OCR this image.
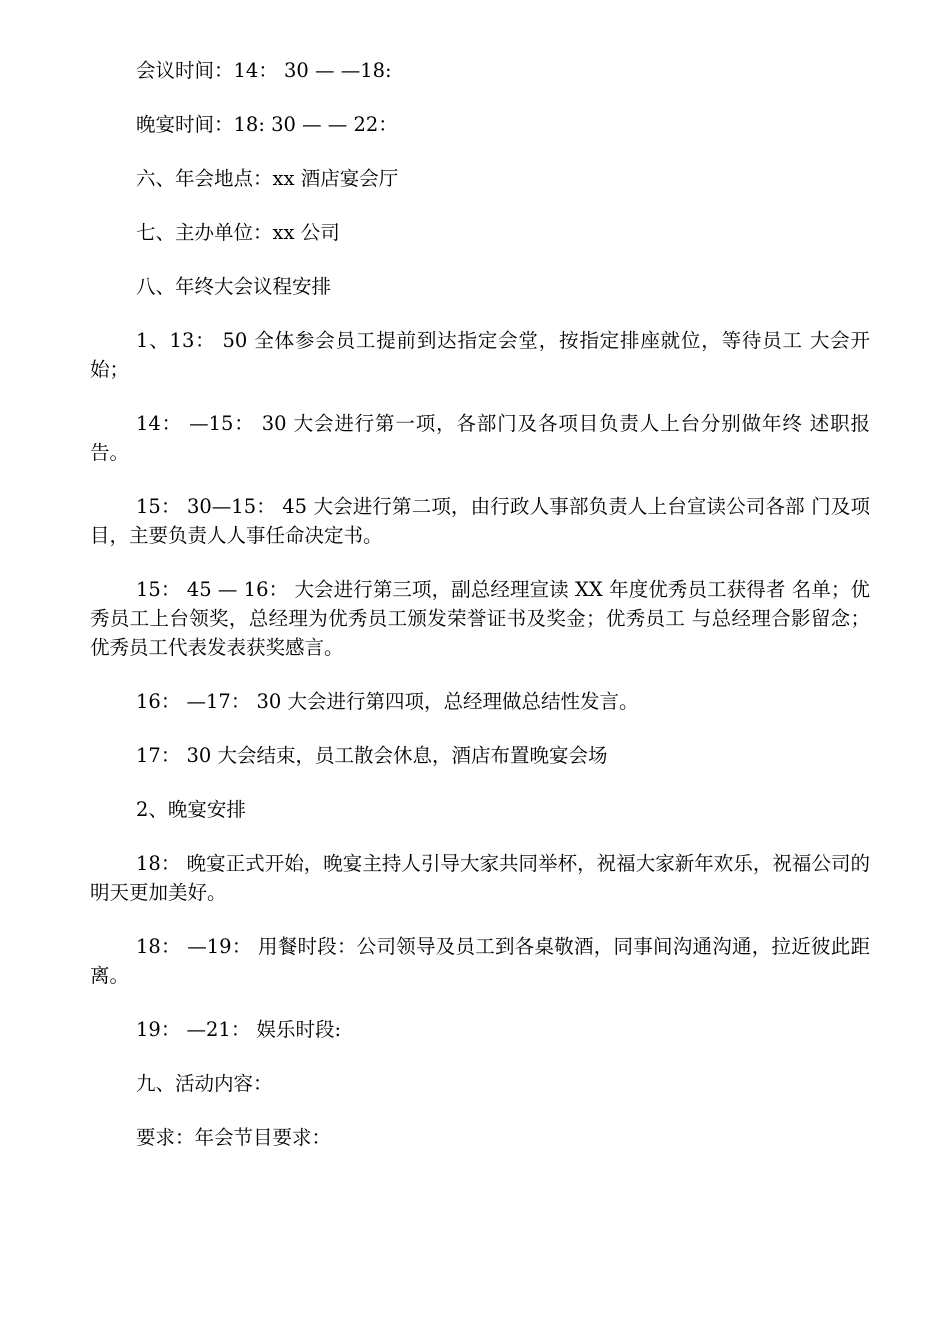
会议时间：14： 30 — —18:

晚宴时间：18: 30 — — 22：

六、年会地点：xx 酒店宴会厅

七、主办单位：xx 公司

八、年终大会议程安排

1、13： 50 全体参会员工提前到达指定会堂，按指定排座就位，等待员工 大会开始；

14： —15： 30 大会进行第一项，各部门及各项目负责人上台分别做年终 述职报告。

15： 30—15： 45 大会进行第二项，由行政人事部负责人上台宣读公司各部 门及项目，主要负责人人事任命决定书。

15： 45 — 16： 大会进行第三项，副总经理宣读 XX 年度优秀员工获得者 名单；优秀员工上台领奖，总经理为优秀员工颁发荣誉证书及奖金；优秀员工 与总经理合影留念；优秀员工代表发表获奖感言。

16： —17： 30 大会进行第四项，总经理做总结性发言。

17： 30 大会结束，员工散会休息，酒店布置晚宴会场

2、晚宴安排

18： 晚宴正式开始，晚宴主持人引导大家共同举杯，祝福大家新年欢乐，祝福公司的明天更加美好。

18： —19： 用餐时段：公司领导及员工到各桌敬酒，同事间沟通沟通，拉近彼此距离。

19： —21： 娱乐时段:

九、活动内容：

要求：年会节目要求：
